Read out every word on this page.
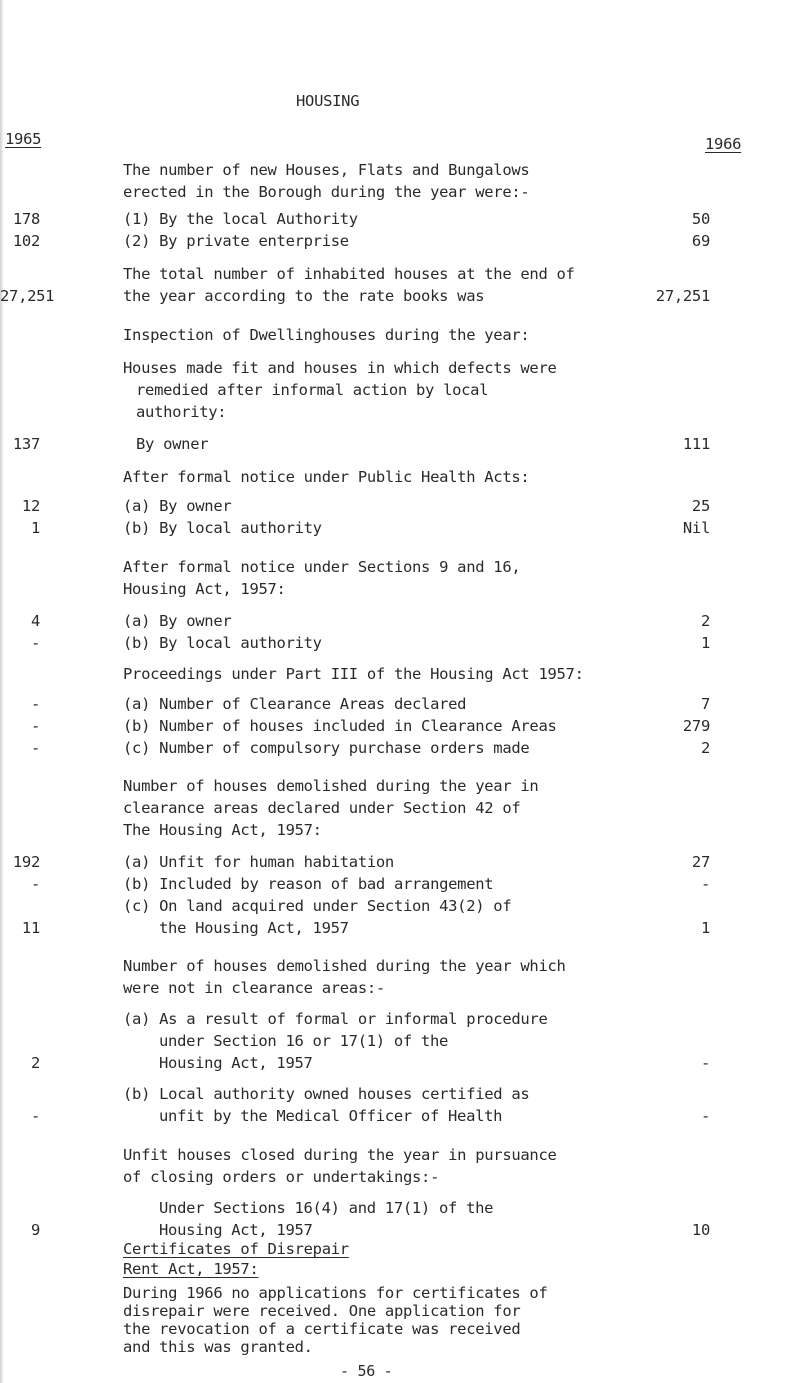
HOUSING
1965	1966
The number of new Houses, Flats and Bungalows
erected in the Borough during the year were:-
178	(1) By the local Authority	50
102	(2) By private enterprise	69
The total number of inhabited houses at the end of
27,251	the year according to the rate books was	27,251
Inspection of Dwellinghouses during the year:
Houses made fit and houses in which defects were
remedied after informal action by local
authority:
137	By owner	111
After formal notice under Public Health Acts:
12	(a) By owner	25
1	(b) By local authority	Nil
After formal notice under Sections 9 and 16,
Housing Act, 1957:
4	(a) By owner	2
-	(b) By local authority	1
Proceedings under Part III of the Housing Act 1957:
-	(a) Number of Clearance Areas declared	7
-	(b) Number of houses included in Clearance Areas	279
-	(c) Number of compulsory purchase orders made	2
Number of houses demolished during the year in
clearance areas declared under Section 42 of
The Housing Act, 1957:
192	(a) Unfit for human habitation	27
-	(b) Included by reason of bad arrangement	-
(c) On land acquired under Section 43(2) of
11	the Housing Act, 1957	1
Number of houses demolished during the year which
were not in clearance areas:-
(a) As a result of formal or informal procedure
under Section 16 or 17(1) of the
2	Housing Act, 1957	-
(b) Local authority owned houses certified as
-	unfit by the Medical Officer of Health	-
Unfit houses closed during the year in pursuance
of closing orders or undertakings:-
Under Sections 16(4) and 17(1) of the
9	Housing Act, 1957	10
Certificates of Disrepair
Rent Act, 1957:
During 1966 no applications for certificates of
disrepair were received. One application for
the revocation of a certificate was received
and this was granted.
- 56 -
